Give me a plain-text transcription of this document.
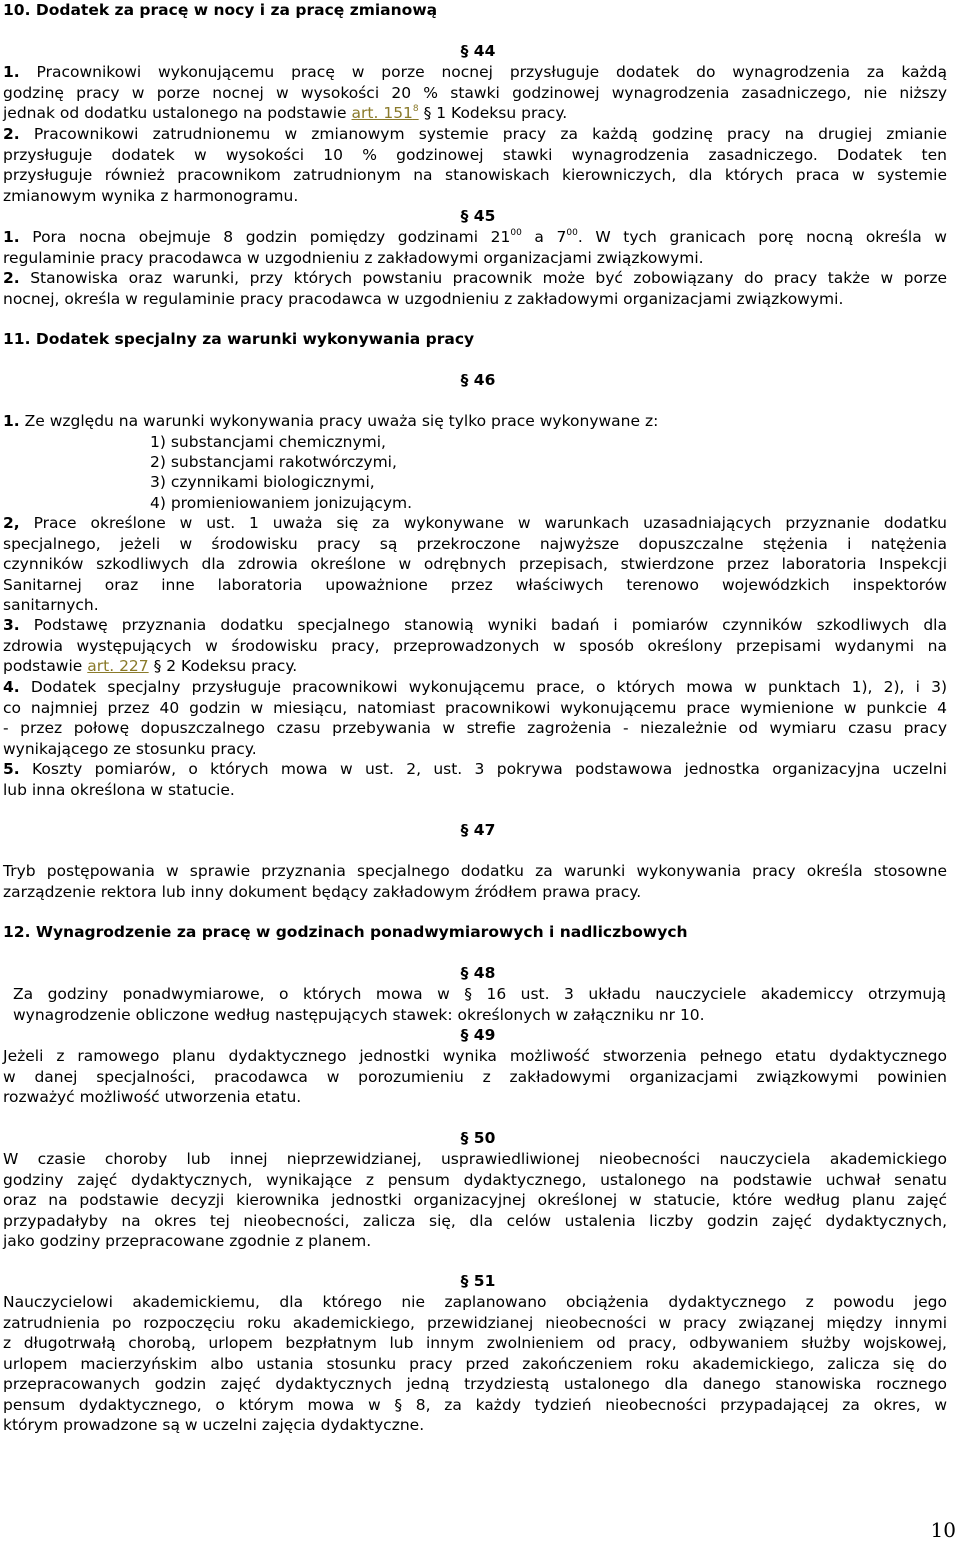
10. Dodatek za pracę w nocy i za pracę zmianową
§ 44
1. Pracownikowi wykonującemu pracę w porze nocnej przysługuje dodatek do wynagrodzenia za każdą
godzinę pracy w porze nocnej w wysokości 20 % stawki godzinowej wynagrodzenia zasadniczego, nie niższy
jednak od dodatku ustalonego na podstawie art. $151^8$ § 1 Kodeksu pracy.
2. Pracownikowi zatrudnionemu w zmianowym systemie pracy za każdą godzinę pracy na drugiej zmianie
przysługuje dodatek w wysokości 10 % godzinowej stawki wynagrodzenia zasadniczego. Dodatek ten
przysługuje również pracownikom zatrudnionym na stanowiskach kierowniczych, dla których praca w systemie
zmianowym wynika z harmonogramu.
§ 45
1. Pora nocna obejmuje 8 godzin pomiędzy godzinami $21^{00}$ a $7^{00}$. W tych granicach porę nocną określa w
regulaminie pracy pracodawca w uzgodnieniu z zakładowymi organizacjami związkowymi.
2. Stanowiska oraz warunki, przy których powstaniu pracownik może być zobowiązany do pracy także w porze
nocnej, określa w regulaminie pracy pracodawca w uzgodnieniu z zakładowymi organizacjami związkowymi.
11. Dodatek specjalny za warunki wykonywania pracy
§ 46
1. Ze względu na warunki wykonywania pracy uważa się tylko prace wykonywane z:
1) substancjami chemicznymi,
2) substancjami rakotwórczymi,
3) czynnikami biologicznymi,
4) promieniowaniem jonizującym.
2, Prace określone w ust. 1 uważa się za wykonywane w warunkach uzasadniających przyznanie dodatku
specjalnego, jeżeli w środowisku pracy są przekroczone najwyższe dopuszczalne stężenia i natężenia
czynników szkodliwych dla zdrowia określone w odrębnych przepisach, stwierdzone przez laboratoria Inspekcji
Sanitarnej oraz inne laboratoria upoważnione przez właściwych terenowo wojewódzkich inspektorów
sanitarnych.
3. Podstawę przyznania dodatku specjalnego stanowią wyniki badań i pomiarów czynników szkodliwych dla
zdrowia występujących w środowisku pracy, przeprowadzonych w sposób określony przepisami wydanymi na
podstawie art. 227 § 2 Kodeksu pracy.
4. Dodatek specjalny przysługuje pracownikowi wykonującemu prace, o których mowa w punktach 1), 2), i 3)
co najmniej przez 40 godzin w miesiącu, natomiast pracownikowi wykonującemu prace wymienione w punkcie 4
- przez połowę dopuszczalnego czasu przebywania w strefie zagrożenia - niezależnie od wymiaru czasu pracy
wynikającego ze stosunku pracy.
5. Koszty pomiarów, o których mowa w ust. 2, ust. 3 pokrywa podstawowa jednostka organizacyjna uczelni
lub inna określona w statucie.
§ 47
Tryb postępowania w sprawie przyznania specjalnego dodatku za warunki wykonywania pracy określa stosowne
zarządzenie rektora lub inny dokument będący zakładowym źródłem prawa pracy.
12. Wynagrodzenie za pracę w godzinach ponadwymiarowych i nadliczbowych
§ 48
Za godziny ponadwymiarowe, o których mowa w § 16 ust. 3 układu nauczyciele akademiccy otrzymują
wynagrodzenie obliczone według następujących stawek: określonych w załączniku nr 10.
§ 49
Jeżeli z ramowego planu dydaktycznego jednostki wynika możliwość stworzenia pełnego etatu dydaktycznego
w danej specjalności, pracodawca w porozumieniu z zakładowymi organizacjami związkowymi powinien
rozważyć możliwość utworzenia etatu.
§ 50
W czasie choroby lub innej nieprzewidzianej, usprawiedliwionej nieobecności nauczyciela akademickiego
godziny zajęć dydaktycznych, wynikające z pensum dydaktycznego, ustalonego na podstawie uchwał senatu
oraz na podstawie decyzji kierownika jednostki organizacyjnej określonej w statucie, które według planu zajęć
przypadałyby na okres tej nieobecności, zalicza się, dla celów ustalenia liczby godzin zajęć dydaktycznych,
jako godziny przepracowane zgodnie z planem.
§ 51
Nauczycielowi akademickiemu, dla którego nie zaplanowano obciążenia dydaktycznego z powodu jego
zatrudnienia po rozpoczęciu roku akademickiego, przewidzianej nieobecności w pracy związanej między innymi
z długotrwałą chorobą, urlopem bezpłatnym lub innym zwolnieniem od pracy, odbywaniem służby wojskowej,
urlopem macierzyńskim albo ustania stosunku pracy przed zakończeniem roku akademickiego, zalicza się do
przepracowanych godzin zajęć dydaktycznych jedną trzydziestą ustalonego dla danego stanowiska rocznego
pensum dydaktycznego, o którym mowa w § 8, za każdy tydzień nieobecności przypadającej za okres, w
którym prowadzone są w uczelni zajęcia dydaktyczne.
10
